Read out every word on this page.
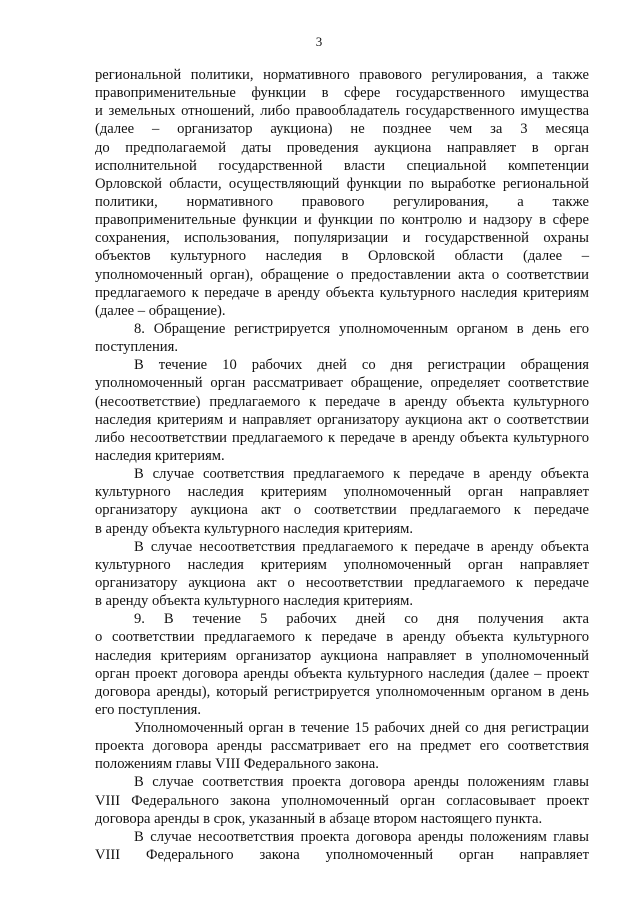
3
региональной политики, нормативного правового регулирования, а также
правоприменительные функции в сфере государственного имущества
и земельных отношений, либо правообладатель государственного имущества
(далее – организатор аукциона) не позднее чем за 3 месяца
до предполагаемой даты проведения аукциона направляет в орган
исполнительной государственной власти специальной компетенции
Орловской области, осуществляющий функции по выработке региональной
политики, нормативного правового регулирования, а также
правоприменительные функции и функции по контролю и надзору в сфере
сохранения, использования, популяризации и государственной охраны
объектов культурного наследия в Орловской области (далее –
уполномоченный орган), обращение о предоставлении акта о соответствии
предлагаемого к передаче в аренду объекта культурного наследия критериям
(далее – обращение).
8. Обращение регистрируется уполномоченным органом в день его
поступления.
В течение 10 рабочих дней со дня регистрации обращения
уполномоченный орган рассматривает обращение, определяет соответствие
(несоответствие) предлагаемого к передаче в аренду объекта культурного
наследия критериям и направляет организатору аукциона акт о соответствии
либо несоответствии предлагаемого к передаче в аренду объекта культурного
наследия критериям.
В случае соответствия предлагаемого к передаче в аренду объекта
культурного наследия критериям уполномоченный орган направляет
организатору аукциона акт о соответствии предлагаемого к передаче
в аренду объекта культурного наследия критериям.
В случае несоответствия предлагаемого к передаче в аренду объекта
культурного наследия критериям уполномоченный орган направляет
организатору аукциона акт о несоответствии предлагаемого к передаче
в аренду объекта культурного наследия критериям.
9. В течение 5 рабочих дней со дня получения акта
о соответствии предлагаемого к передаче в аренду объекта культурного
наследия критериям организатор аукциона направляет в уполномоченный
орган проект договора аренды объекта культурного наследия (далее – проект
договора аренды), который регистрируется уполномоченным органом в день
его поступления.
Уполномоченный орган в течение 15 рабочих дней со дня регистрации
проекта договора аренды рассматривает его на предмет его соответствия
положениям главы VIII Федерального закона.
В случае соответствия проекта договора аренды положениям главы
VIII Федерального закона уполномоченный орган согласовывает проект
договора аренды в срок, указанный в абзаце втором настоящего пункта.
В случае несоответствия проекта договора аренды положениям главы
VIII Федерального закона уполномоченный орган направляет
